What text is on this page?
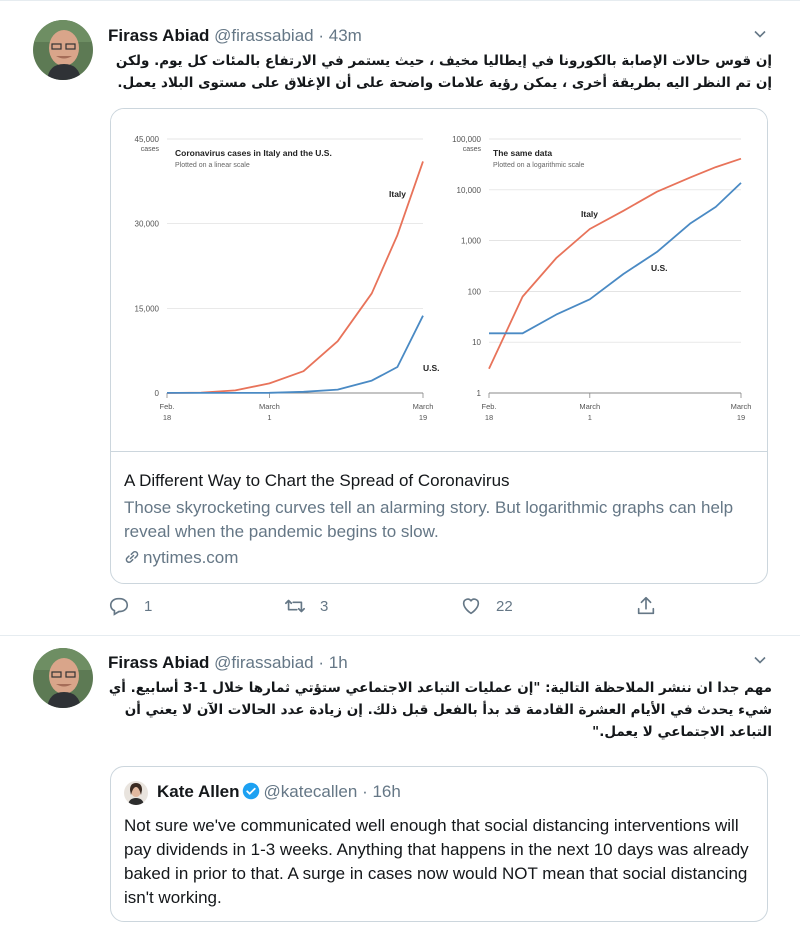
Firass Abiad @firassabiad · 43m
إن قوس حالات الإصابة بالكورونا في إيطاليا مخيف ، حيث يستمر في الارتفاع بالمئات كل يوم. ولكن إن تم النظر اليه بطريقة أخرى ، يمكن رؤية علامات واضحة على أن الإغلاق على مستوى البلاد يعمل.
45,000
30,000
15,000
0
cases
Feb.
18
March
1
March
19
Coronavirus cases in Italy and the U.S.
Plotted on a linear scale
Italy
U.S.
100,000
10,000
1,000
100
10
1
cases
Feb.
18
March
1
March
19
The same data
Plotted on a logarithmic scale
Italy
U.S.
A Different Way to Chart the Spread of Coronavirus
Those skyrocketing curves tell an alarming story. But logarithmic graphs can help reveal when the pandemic begins to slow.
nytimes.com
1	3	22
Firass Abiad @firassabiad · 1h
مهم جدا ان ننشر الملاحظة التالية: "إن عمليات التباعد الاجتماعي ستؤتي ثمارها خلال 1-3 أسابيع. أي شيء يحدث في الأيام العشرة القادمة قد بدأ بالفعل قبل ذلك. إن زيادة عدد الحالات الآن لا يعني أن التباعد الاجتماعي لا يعمل."
Kate Allen @katecallen · 16h
Not sure we've communicated well enough that social distancing interventions will pay dividends in 1-3 weeks. Anything that happens in the next 10 days was already baked in prior to that. A surge in cases now would NOT mean that social distancing isn't working.
